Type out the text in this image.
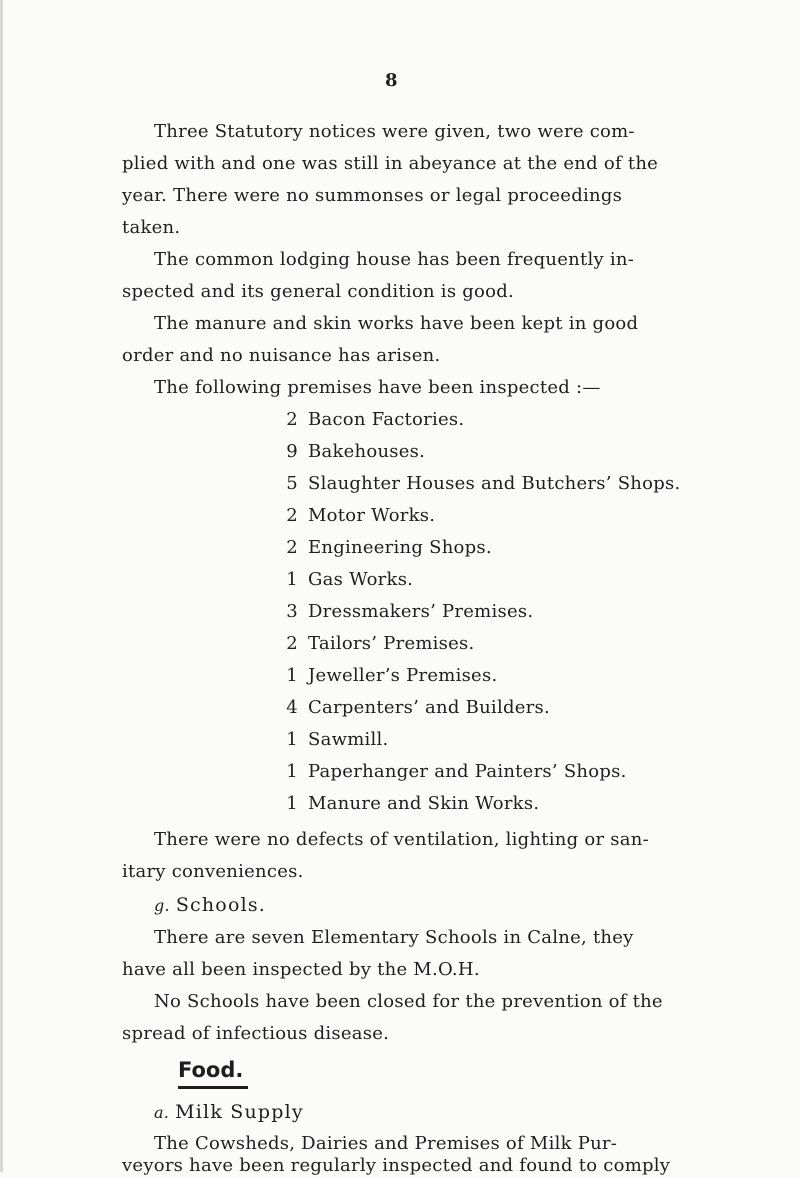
8
Three Statutory notices were given, two were com-
plied with and one was still in abeyance at the end of the
year. There were no summonses or legal proceedings
taken.
The common lodging house has been frequently in-
spected and its general condition is good.
The manure and skin works have been kept in good
order and no nuisance has arisen.
The following premises have been inspected :—
2 Bacon Factories.
9 Bakehouses.
5 Slaughter Houses and Butchers’ Shops.
2 Motor Works.
2 Engineering Shops.
1 Gas Works.
3 Dressmakers’ Premises.
2 Tailors’ Premises.
1 Jeweller’s Premises.
4 Carpenters’ and Builders.
1 Sawmill.
1 Paperhanger and Painters’ Shops.
1 Manure and Skin Works.
There were no defects of ventilation, lighting or san-
itary conveniences.
g. Schools.
There are seven Elementary Schools in Calne, they
have all been inspected by the M.O.H.
No Schools have been closed for the prevention of the
spread of infectious disease.
Food.
a. Milk Supply
The Cowsheds, Dairies and Premises of Milk Pur-
veyors have been regularly inspected and found to comply
